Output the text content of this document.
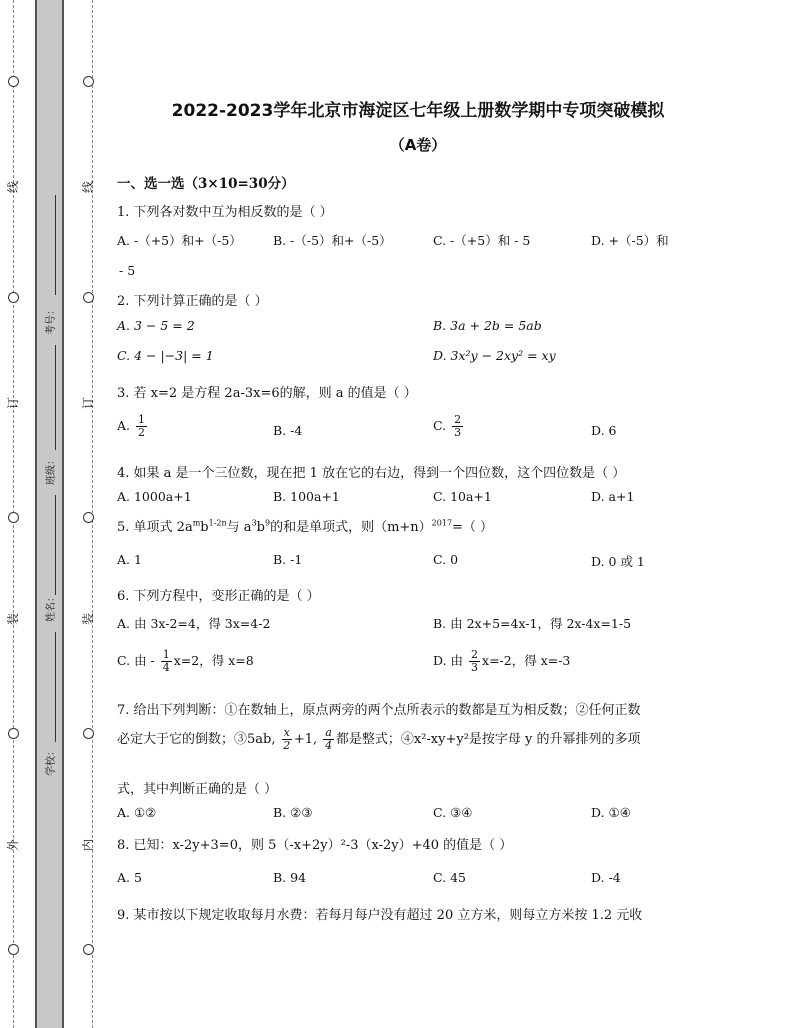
线
订
装
外
线
订
装
内
考号：
班级：
姓名：
学校：
2022-2023学年北京市海淀区七年级上册数学期中专项突破模拟
（A卷）
一、选一选（3×10=30分）
1. 下列各对数中互为相反数的是（ ）
A. -（+5）和+（-5） B. -（-5）和+（-5）	C. -（+5）和 - 5	D. +（-5）和
- 5
2. 下列计算正确的是（ ）
A. 3 − 5 = 2	B. 3a + 2b = 5ab
C. 4 − |−3| = 1	D. 3x²y − 2xy² = xy
3. 若 x=2 是方程 2a-3x=6的解，则 a 的值是（ ）
A. $\frac{1}{2}$	B. -4	C. $\frac{2}{3}$	D. 6
4. 如果 a 是一个三位数，现在把 1 放在它的右边，得到一个四位数，这个四位数是（ ）
A. 1000a+1	B. 100a+1	C. 10a+1	D. a+1
5. 单项式 $2a^mb^{1-2n}$与 $a^3b^9$的和是单项式，则$(m+n)^{2017}=$（ ）
A. 1	B. -1	C. 0	D. 0 或 1
6. 下列方程中，变形正确的是（ ）
A. 由 3x-2=4，得 3x=4-2	B. 由 2x+5=4x-1，得 2x-4x=1-5
C. 由 - $\frac{1}{4} x=2$，得 x=8	D. 由 $\frac{2}{3} x=-2$，得 x=-3
7. 给出下列判断：①在数轴上，原点两旁的两个点所表示的数都是互为相反数；②任何正数
必定大于它的倒数；③5ab, $\frac{x}{2} +1$, $\frac{a}{4}$ 都是整式；④x²-xy+y²是按字母 y 的升幂排列的多项
式，其中判断正确的是（ ）
A. ①②	B. ②③	C. ③④	D. ①④
8. 已知：x-2y+3=0，则 5（-x+2y）²-3（x-2y）+40 的值是（ ）
A. 5	B. 94	C. 45	D. -4
9. 某市按以下规定收取每月水费：若每月每户没有超过 20 立方米，则每立方米按 1.2 元收
